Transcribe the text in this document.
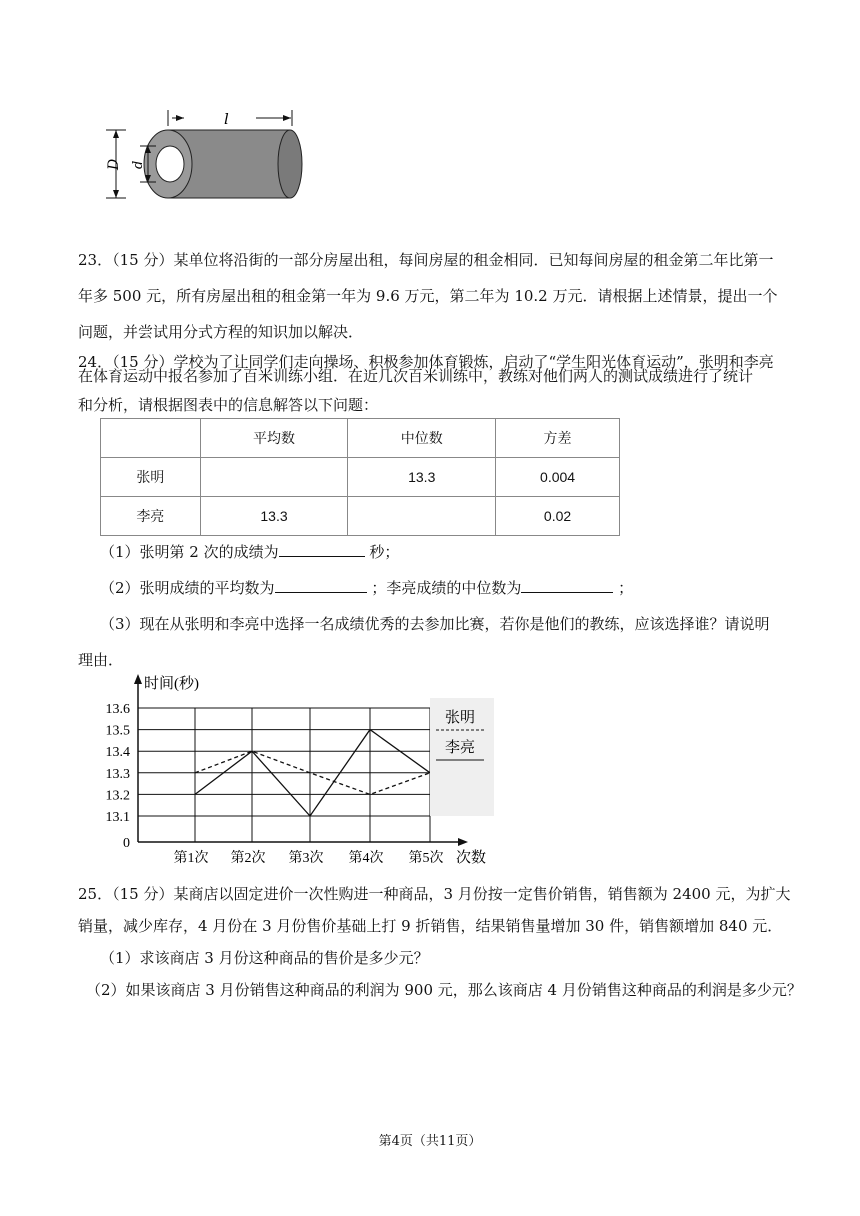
l
D d
23．（15 分）某单位将沿街的一部分房屋出租，每间房屋的租金相同．已知每间房屋的租金第二年比第一
年多 500 元，所有房屋出租的租金第一年为 9.6 万元，第二年为 10.2 万元．请根据上述情景，提出一个
问题，并尝试用分式方程的知识加以解决．
24．（15 分）学校为了让同学们走向操场、积极参加体育锻炼，启动了“学生阳光体育运动”，张明和李亮
在体育运动中报名参加了百米训练小组．在近几次百米训练中，教练对他们两人的测试成绩进行了统计
和分析，请根据图表中的信息解答以下问题：
	平均数	中位数	方差
张明		13.3	0.004
李亮	13.3		0.02
（1）张明第 2 次的成绩为	秒；
（2）张明成绩的平均数为	；李亮成绩的中位数为	；
（3）现在从张明和李亮中选择一名成绩优秀的去参加比赛，若你是他们的教练，应该选择谁？请说明
理由．
13.6
13.5
13.4
13.3
13.2
13.1
0
第1次 第2次 第3次 第4次 第5次 次数
时间(秒)
张明
李亮
25．（15 分）某商店以固定进价一次性购进一种商品，3 月份按一定售价销售，销售额为 2400 元，为扩大
销量，减少库存，4 月份在 3 月份售价基础上打 9 折销售，结果销售量增加 30 件，销售额增加 840 元．
（1）求该商店 3 月份这种商品的售价是多少元？
（2）如果该商店 3 月份销售这种商品的利润为 900 元，那么该商店 4 月份销售这种商品的利润是多少元？
第4页（共11页）
